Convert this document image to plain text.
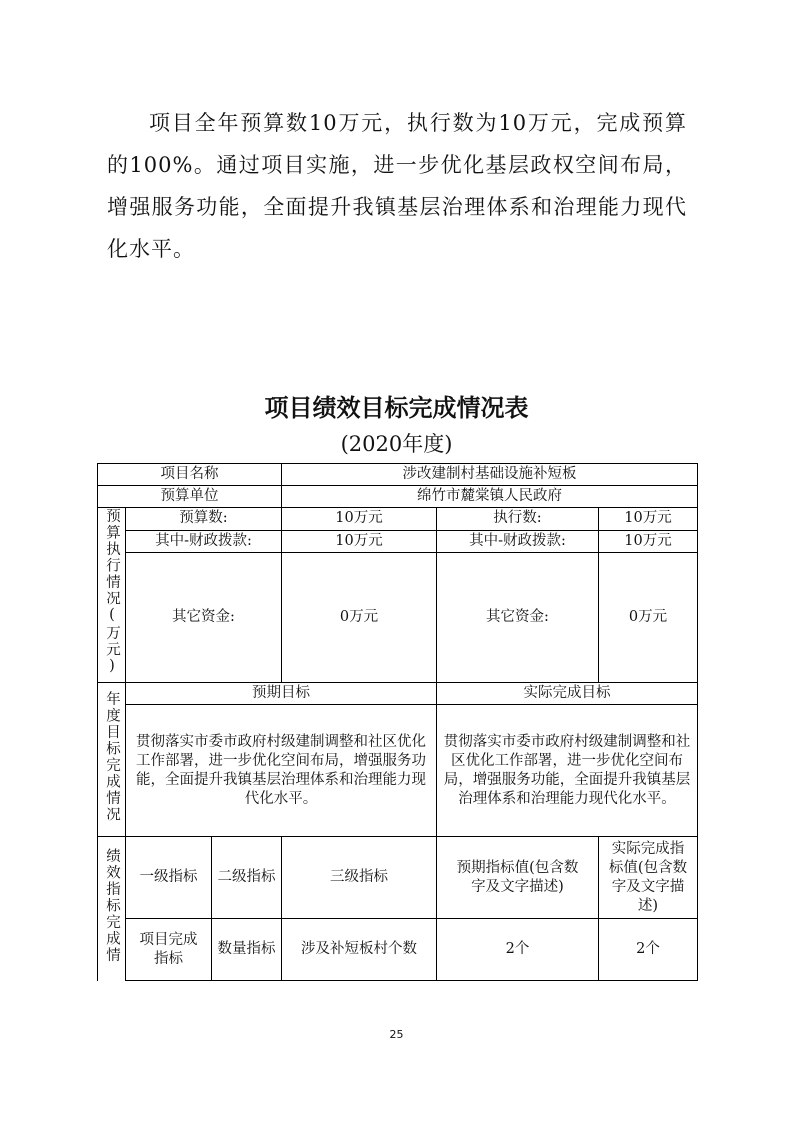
项目全年预算数10万元，执行数为10万元，完成预算的100%。通过项目实施，进一步优化基层政权空间布局，增强服务功能，全面提升我镇基层治理体系和治理能力现代化水平。

项目绩效目标完成情况表
(2020年度)
项目名称			涉改建制村基础设施补短板		
预算单位			绵竹市麓棠镇人民政府		
预算执行情况(万元)	预算数:		10万元	执行数:	10万元
	其中-财政拨款:		10万元	其中-财政拨款:	10万元
	其它资金:		0万元	其它资金:	0万元
年度目标完成情况	预期目标			实际完成目标	
	贯彻落实市委市政府村级建制调整和社区优化工作部署，进一步优化空间布局，增强服务功能，全面提升我镇基层治理体系和治理能力现代化水平。			贯彻落实市委市政府村级建制调整和社区优化工作部署，进一步优化空间布局，增强服务功能，全面提升我镇基层治理体系和治理能力现代化水平。	
绩效指标完成情	一级指标	二级指标	三级指标	预期指标值(包含数字及文字描述)	实际完成指标值(包含数字及文字描述)
	项目完成指标	数量指标	涉及补短板村个数	2个	2个
25
